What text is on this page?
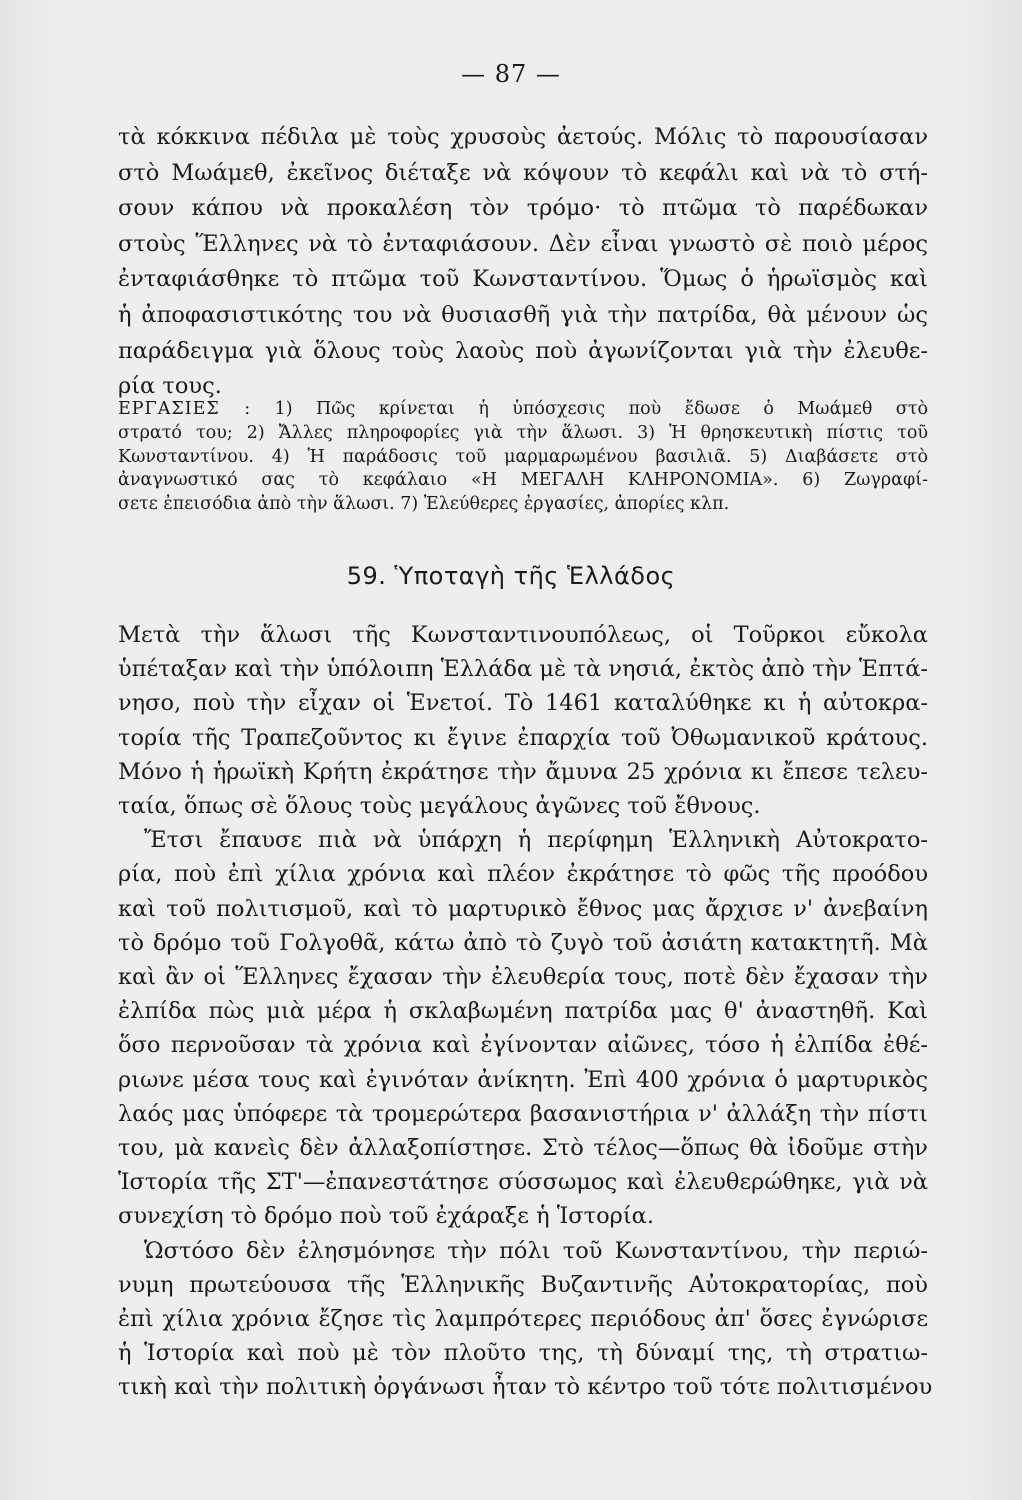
— 87 —
τὰ κόκκινα πέδιλα μὲ τοὺς χρυσοὺς ἀετούς. Μόλις τὸ παρουσίασαν
στὸ Μωάμεθ, ἐκεῖνος διέταξε νὰ κόψουν τὸ κεφάλι καὶ νὰ τὸ στή-
σουν κάπου νὰ προκαλέση τὸν τρόμο· τὸ πτῶμα τὸ παρέδωκαν
στοὺς Ἕλληνες νὰ τὸ ἐνταφιάσουν. Δὲν εἶναι γνωστὸ σὲ ποιὸ μέρος
ἐνταφιάσθηκε τὸ πτῶμα τοῦ Κωνσταντίνου. Ὅμως ὁ ἡρωϊσμὸς καὶ
ἡ ἀποφασιστικότης του νὰ θυσιασθῆ γιὰ τὴν πατρίδα, θὰ μένουν ὡς
παράδειγμα γιὰ ὅλους τοὺς λαοὺς ποὺ ἀγωνίζονται γιὰ τὴν ἐλευθε-
ρία τους.
ΕΡΓΑΣΙΕΣ : 1) Πῶς κρίνεται ἡ ὑπόσχεσις ποὺ ἔδωσε ὁ Μωάμεθ στὸ
στρατό του; 2) Ἄλλες πληροφορίες γιὰ τὴν ἅλωσι. 3) Ἡ θρησκευτικὴ πίστις τοῦ
Κωνσταντίνου. 4) Ἡ παράδοσις τοῦ μαρμαρωμένου βασιλιᾶ. 5) Διαβάσετε στὸ
ἀναγνωστικό σας τὸ κεφάλαιο «Η ΜΕΓΑΛΗ ΚΛΗΡΟΝΟΜΙΑ». 6) Ζωγραφί-
σετε ἐπεισόδια ἀπὸ τὴν ἅλωσι. 7) Ἐλεύθερες ἐργασίες, ἀπορίες κλπ.
59. Ὑποταγὴ τῆς Ἑλλάδος
Μετὰ τὴν ἅλωσι τῆς Κωνσταντινουπόλεως, οἱ Τοῦρκοι εὔκολα
ὑπέταξαν καὶ τὴν ὑπόλοιπη Ἑλλάδα μὲ τὰ νησιά, ἐκτὸς ἀπὸ τὴν Ἑπτά-
νησο, ποὺ τὴν εἶχαν οἱ Ἑνετοί. Τὸ 1461 καταλύθηκε κι ἡ αὐτοκρα-
τορία τῆς Τραπεζοῦντος κι ἔγινε ἐπαρχία τοῦ Ὀθωμανικοῦ κράτους.
Μόνο ἡ ἡρωϊκὴ Κρήτη ἐκράτησε τὴν ἄμυνα 25 χρόνια κι ἔπεσε τελευ-
ταία, ὅπως σὲ ὅλους τοὺς μεγάλους ἀγῶνες τοῦ ἔθνους.
Ἔτσι ἔπαυσε πιὰ νὰ ὑπάρχη ἡ περίφημη Ἑλληνικὴ Αὐτοκρατο-
ρία, ποὺ ἐπὶ χίλια χρόνια καὶ πλέον ἐκράτησε τὸ φῶς τῆς προόδου
καὶ τοῦ πολιτισμοῦ, καὶ τὸ μαρτυρικὸ ἔθνος μας ἄρχισε ν' ἀνεβαίνη
τὸ δρόμο τοῦ Γολγοθᾶ, κάτω ἀπὸ τὸ ζυγὸ τοῦ ἀσιάτη κατακτητῆ. Μὰ
καὶ ἂν οἱ Ἕλληνες ἔχασαν τὴν ἐλευθερία τους, ποτὲ δὲν ἔχασαν τὴν
ἐλπίδα πὼς μιὰ μέρα ἡ σκλαβωμένη πατρίδα μας θ' ἀναστηθῆ. Καὶ
ὅσο περνοῦσαν τὰ χρόνια καὶ ἐγίνονταν αἰῶνες, τόσο ἡ ἐλπίδα ἐθέ-
ριωνε μέσα τους καὶ ἐγινόταν ἀνίκητη. Ἐπὶ 400 χρόνια ὁ μαρτυρικὸς
λαός μας ὑπόφερε τὰ τρομερώτερα βασανιστήρια ν' ἀλλάξη τὴν πίστι
του, μὰ κανεὶς δὲν ἀλλαξοπίστησε. Στὸ τέλος—ὅπως θὰ ἰδοῦμε στὴν
Ἱστορία τῆς ΣΤ'—ἐπανεστάτησε σύσσωμος καὶ ἐλευθερώθηκε, γιὰ νὰ
συνεχίση τὸ δρόμο ποὺ τοῦ ἐχάραξε ἡ Ἱστορία.
Ὡστόσο δὲν ἐλησμόνησε τὴν πόλι τοῦ Κωνσταντίνου, τὴν περιώ-
νυμη πρωτεύουσα τῆς Ἑλληνικῆς Βυζαντινῆς Αὐτοκρατορίας, ποὺ
ἐπὶ χίλια χρόνια ἔζησε τὶς λαμπρότερες περιόδους ἀπ' ὅσες ἐγνώρισε
ἡ Ἱστορία καὶ ποὺ μὲ τὸν πλοῦτο της, τὴ δύναμί της, τὴ στρατιω-
τικὴ καὶ τὴν πολιτικὴ ὀργάνωσι ἦταν τὸ κέντρο τοῦ τότε πολιτισμένου
